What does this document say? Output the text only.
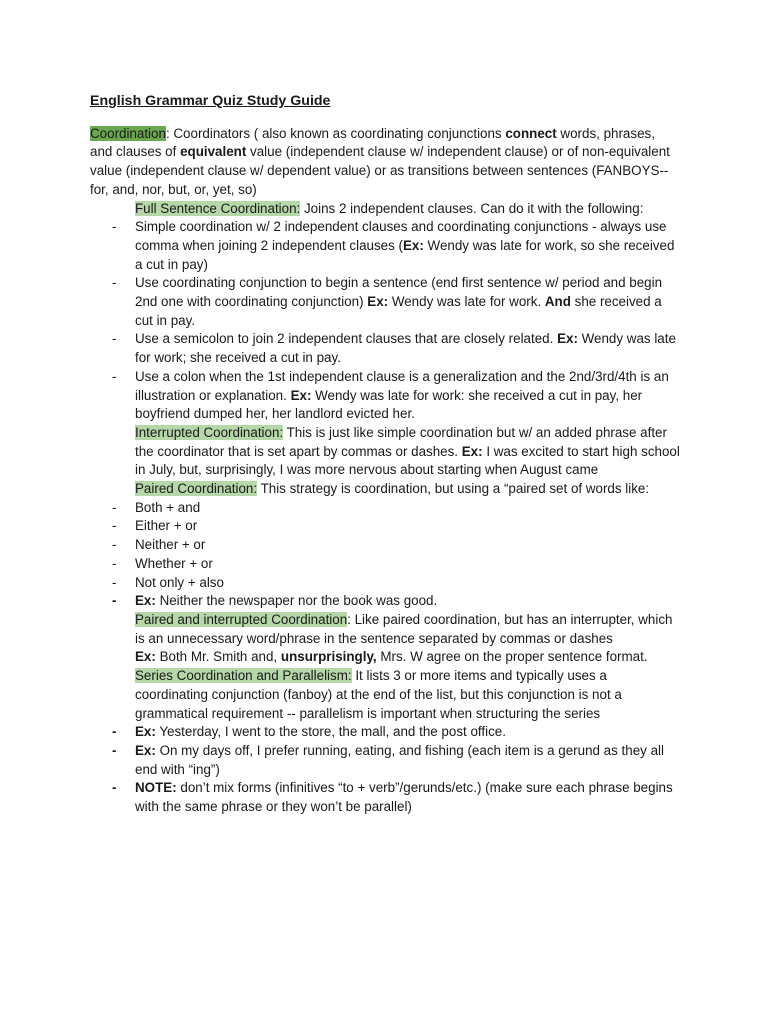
English Grammar Quiz Study Guide

Coordination: Coordinators ( also known as coordinating conjunctions connect words, phrases, and clauses of equivalent value (independent clause w/ independent clause) or of non-equivalent value (independent clause w/ dependent value) or as transitions between sentences (FANBOYS-- for, and, nor, but, or, yet, so)

Full Sentence Coordination: Joins 2 independent clauses. Can do it with the following:

- Simple coordination w/ 2 independent clauses and coordinating conjunctions - always use comma when joining 2 independent clauses (Ex: Wendy was late for work, so she received a cut in pay)

- Use coordinating conjunction to begin a sentence (end first sentence w/ period and begin 2nd one with coordinating conjunction) Ex: Wendy was late for work. And she received a cut in pay.

- Use a semicolon to join 2 independent clauses that are closely related. Ex: Wendy was late for work; she received a cut in pay.

- Use a colon when the 1st independent clause is a generalization and the 2nd/3rd/4th is an illustration or explanation. Ex: Wendy was late for work: she received a cut in pay, her boyfriend dumped her, her landlord evicted her.

Interrupted Coordination: This is just like simple coordination but w/ an added phrase after the coordinator that is set apart by commas or dashes. Ex: I was excited to start high school in July, but, surprisingly, I was more nervous about starting when August came

Paired Coordination: This strategy is coordination, but using a “paired set of words like:

- Both + and

- Either + or

- Neither + or

- Whether + or

- Not only + also

- Ex: Neither the newspaper nor the book was good.

Paired and interrupted Coordination: Like paired coordination, but has an interrupter, which is an unnecessary word/phrase in the sentence separated by commas or dashes

Ex: Both Mr. Smith and, unsurprisingly, Mrs. W agree on the proper sentence format.

Series Coordination and Parallelism: It lists 3 or more items and typically uses a coordinating conjunction (fanboy) at the end of the list, but this conjunction is not a grammatical requirement -- parallelism is important when structuring the series

- Ex: Yesterday, I went to the store, the mall, and the post office.

- Ex: On my days off, I prefer running, eating, and fishing (each item is a gerund as they all end with “ing”)

- NOTE: don’t mix forms (infinitives “to + verb”/gerunds/etc.) (make sure each phrase begins with the same phrase or they won’t be parallel)
